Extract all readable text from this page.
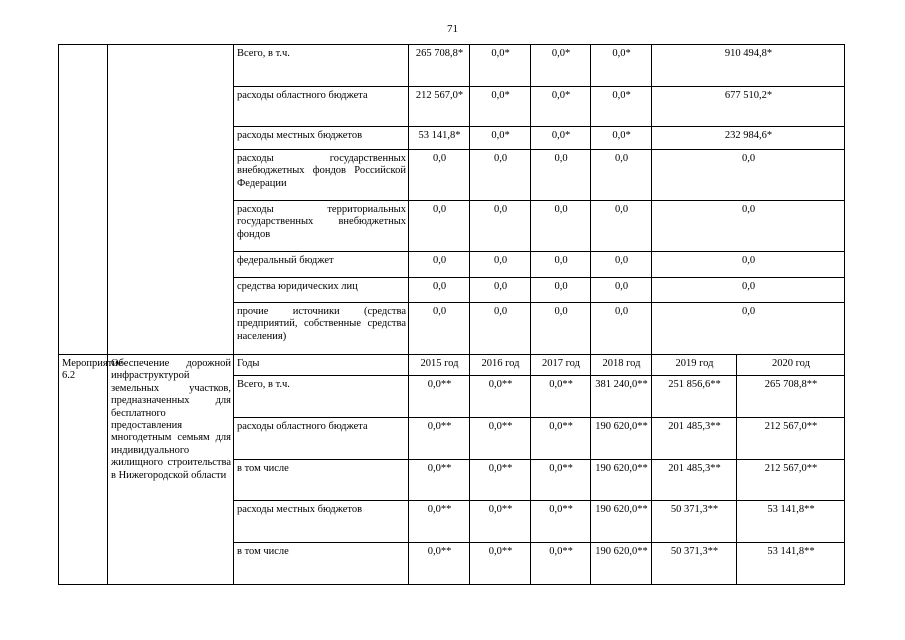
71
		Всего, в т.ч.	265 708,8*	0,0*	0,0*	0,0*	910 494,8*	
		расходы областного бюджета	212 567,0*	0,0*	0,0*	0,0*	677 510,2*	
		расходы местных бюджетов	53 141,8*	0,0*	0,0*	0,0*	232 984,6*	
		расходы государственных внебюджетных фондов Российской Федерации	0,0	0,0	0,0	0,0	0,0	
		расходы территориальных государственных внебюджетных фондов	0,0	0,0	0,0	0,0	0,0	
		федеральный бюджет	0,0	0,0	0,0	0,0	0,0	
		средства юридических лиц	0,0	0,0	0,0	0,0	0,0	
		прочие источники (средства предприятий, собственные средства населения)	0,0	0,0	0,0	0,0	0,0	
Мероприятие 6.2	Обеспечение дорожной инфраструктурой земельных участков, предназначенных для бесплатного предоставления многодетным семьям для индивидуального жилищного строительства в Нижегородской области	Годы	2015 год	2016 год	2017 год	2018 год	2019 год	2020 год
		Всего, в т.ч.	0,0**	0,0**	0,0**	381 240,0**	251 856,6**	265 708,8**
		расходы областного бюджета	0,0**	0,0**	0,0**	190 620,0**	201 485,3**	212 567,0**
		в том числе	0,0**	0,0**	0,0**	190 620,0**	201 485,3**	212 567,0**
		расходы местных бюджетов	0,0**	0,0**	0,0**	190 620,0**	50 371,3**	53 141,8**
		в том числе	0,0**	0,0**	0,0**	190 620,0**	50 371,3**	53 141,8**
